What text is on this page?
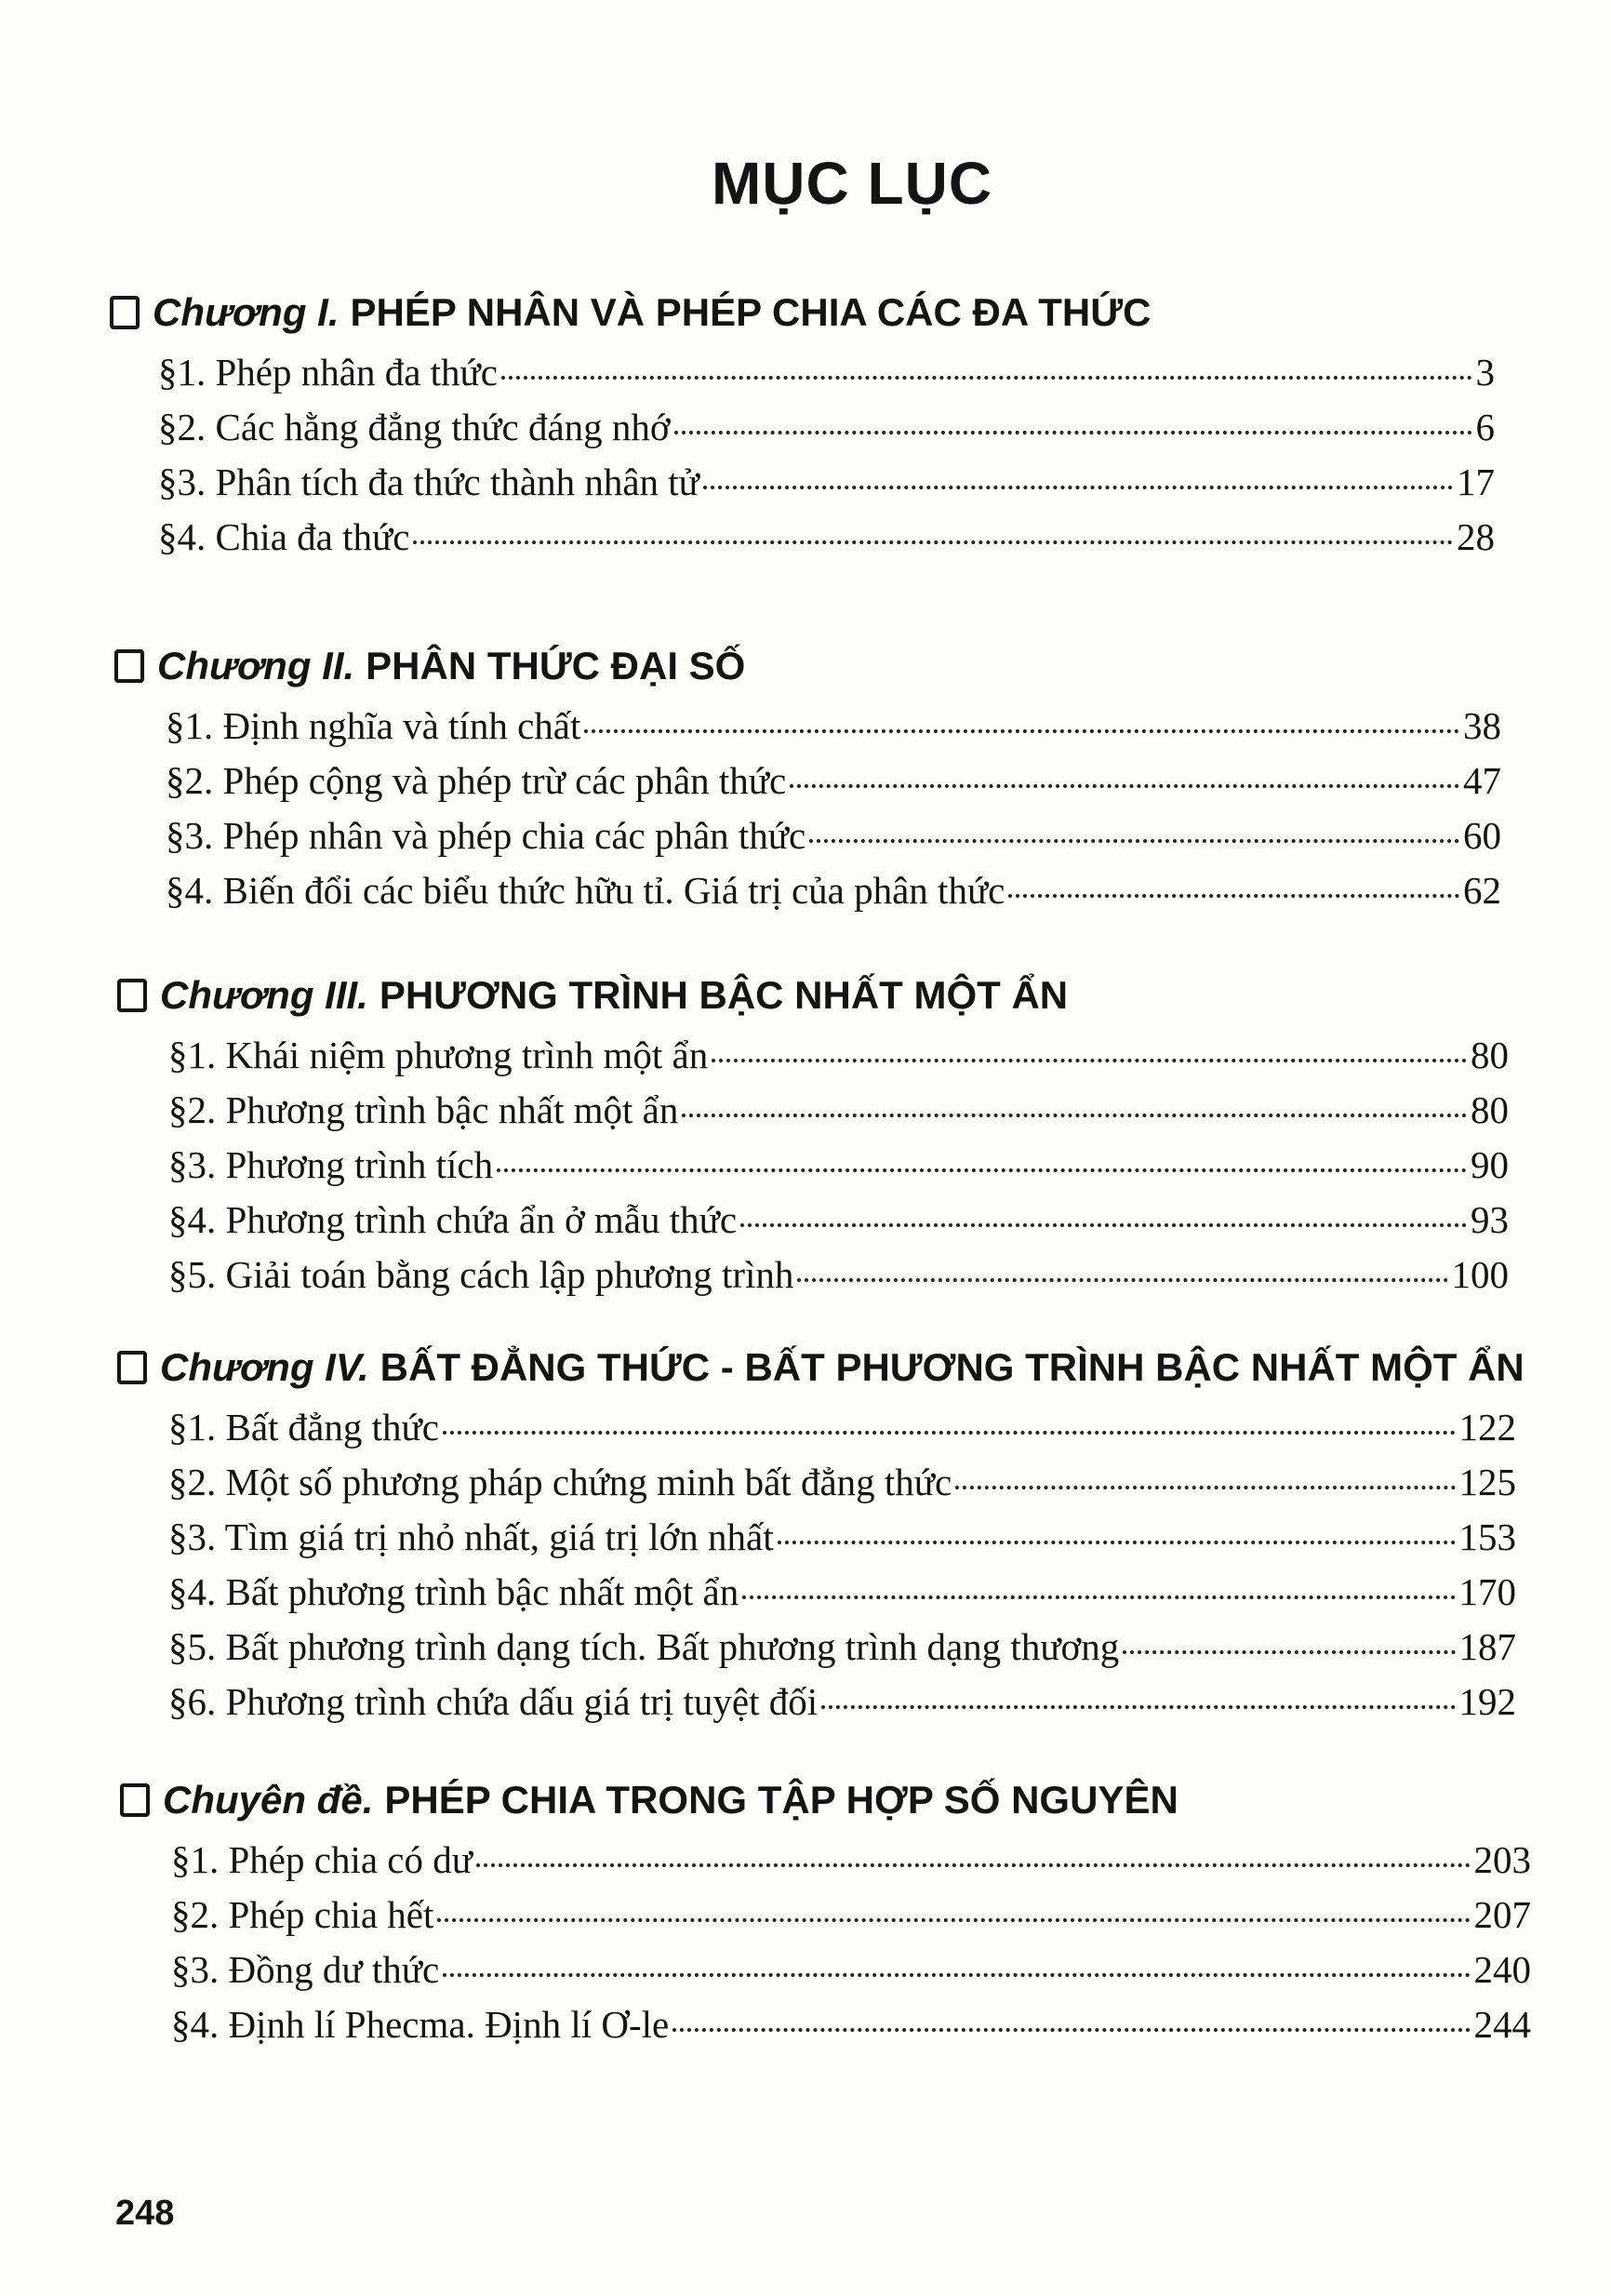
MỤC LỤC
Chương I. PHÉP NHÂN VÀ PHÉP CHIA CÁC ĐA THỨC
§1. Phép nhân đa thức	3
§2. Các hằng đẳng thức đáng nhớ	6
§3. Phân tích đa thức thành nhân tử	17
§4. Chia đa thức	28
Chương II. PHÂN THỨC ĐẠI SỐ
§1. Định nghĩa và tính chất	38
§2. Phép cộng và phép trừ các phân thức	47
§3. Phép nhân và phép chia các phân thức	60
§4. Biến đổi các biểu thức hữu tỉ. Giá trị của phân thức	62
Chương III. PHƯƠNG TRÌNH BẬC NHẤT MỘT ẨN
§1. Khái niệm phương trình một ẩn	80
§2. Phương trình bậc nhất một ẩn	80
§3. Phương trình tích	90
§4. Phương trình chứa ẩn ở mẫu thức	93
§5. Giải toán bằng cách lập phương trình	100
Chương IV. BẤT ĐẲNG THỨC - BẤT PHƯƠNG TRÌNH BẬC NHẤT MỘT ẨN
§1. Bất đẳng thức	122
§2. Một số phương pháp chứng minh bất đẳng thức	125
§3. Tìm giá trị nhỏ nhất, giá trị lớn nhất	153
§4. Bất phương trình bậc nhất một ẩn	170
§5. Bất phương trình dạng tích. Bất phương trình dạng thương	187
§6. Phương trình chứa dấu giá trị tuyệt đối	192
Chuyên đề. PHÉP CHIA TRONG TẬP HỢP SỐ NGUYÊN
§1. Phép chia có dư	203
§2. Phép chia hết	207
§3. Đồng dư thức	240
§4. Định lí Phecma. Định lí Ơ-le	244
248
